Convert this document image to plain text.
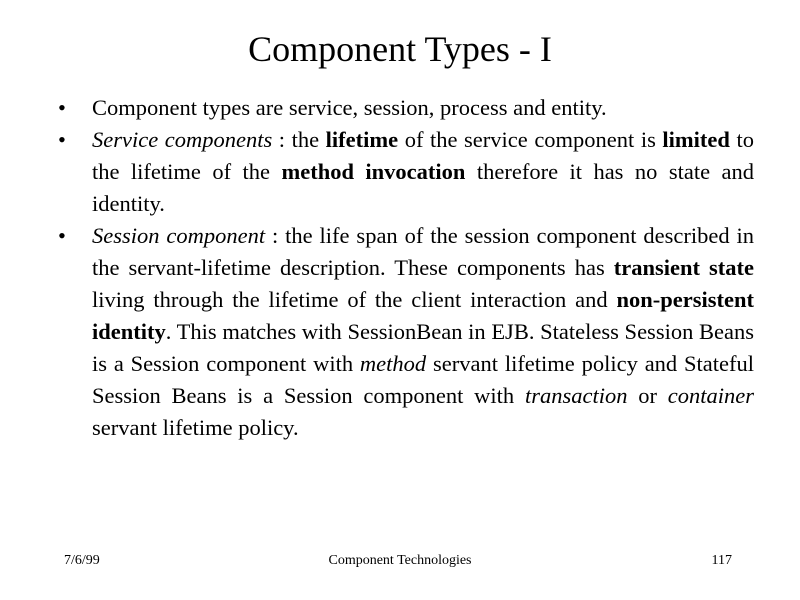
Component Types - I
•	Component types are service, session, process and entity.
•	Service components : the lifetime of the service component is limited to the lifetime of the method invocation therefore it has no state and identity.
•	Session component : the life span of the session component described in the servant-lifetime description. These components has transient state living through the lifetime of the client interaction and non-persistent identity. This matches with SessionBean in EJB. Stateless Session Beans is a Session component with method servant lifetime policy and Stateful Session Beans is a Session component with transaction or container servant lifetime policy.
7/6/99	Component Technologies	117
